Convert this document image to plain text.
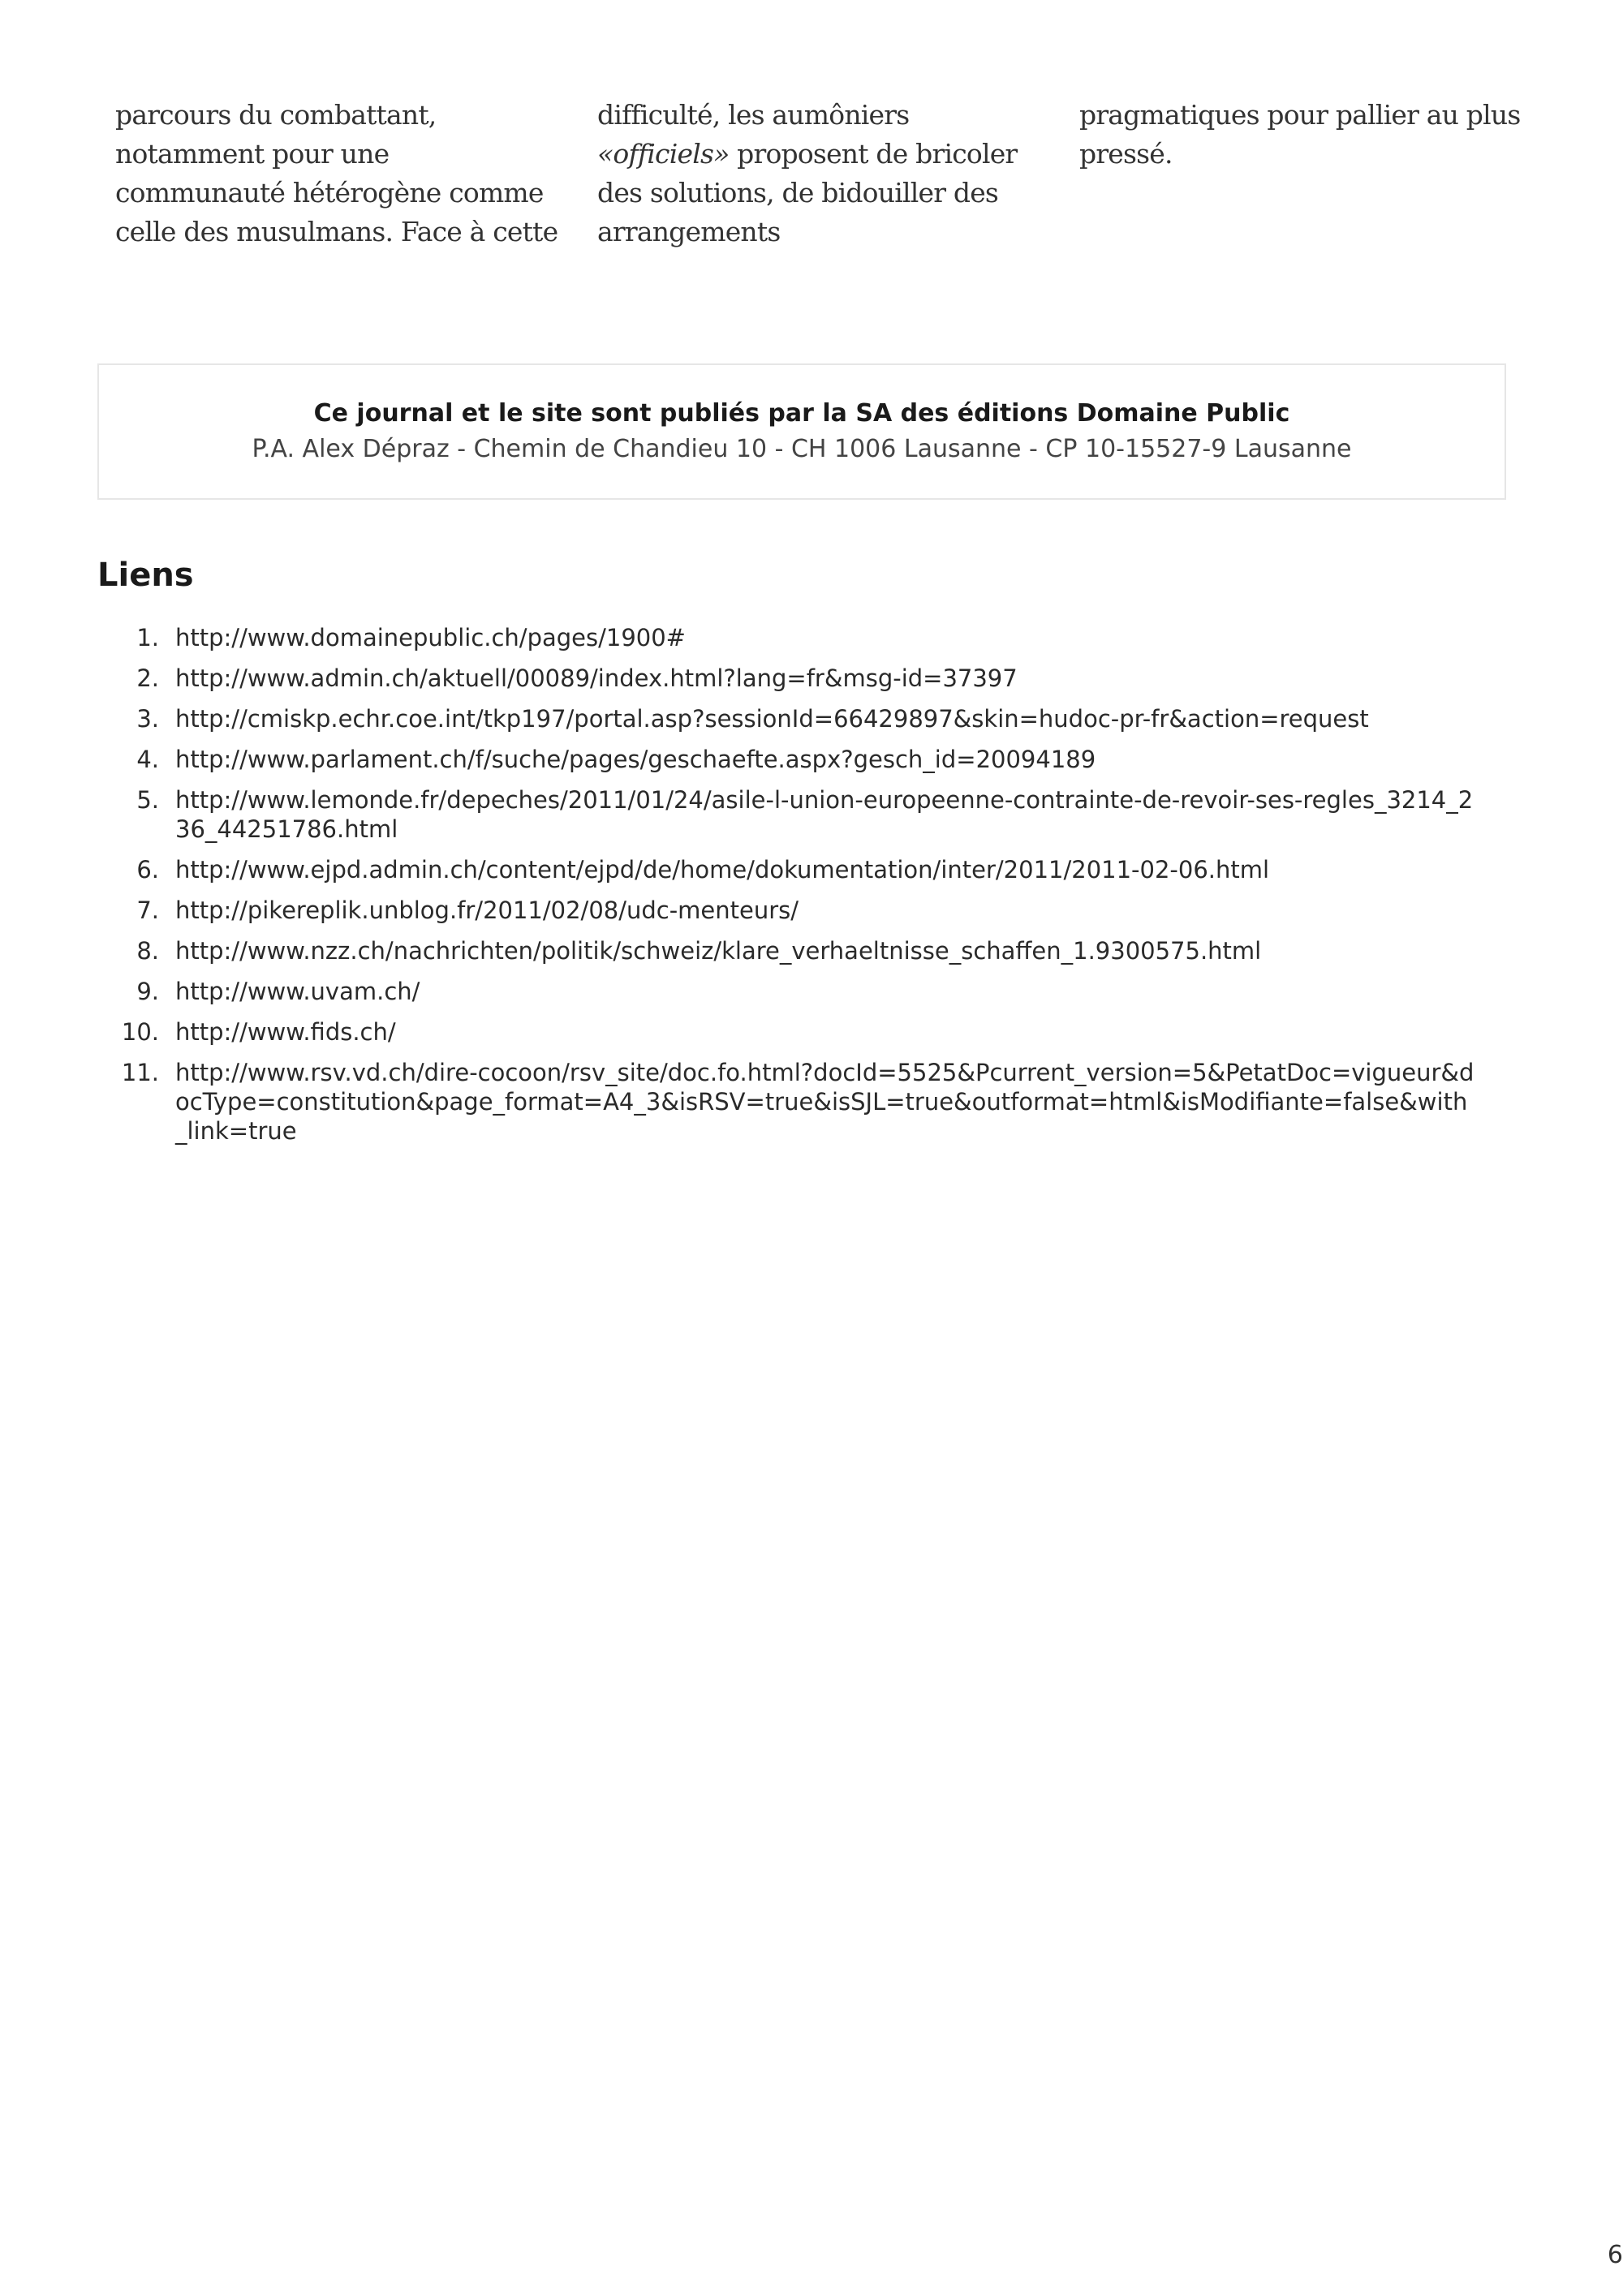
parcours du combattant, notamment pour une communauté hétérogène comme celle des musulmans. Face à cette
difficulté, les aumôniers «officiels» proposent de bricoler des solutions, de bidouiller des arrangements
pragmatiques pour pallier au plus pressé.
Ce journal et le site sont publiés par la SA des éditions Domaine Public
P.A. Alex Dépraz - Chemin de Chandieu 10 - CH 1006 Lausanne - CP 10-15527-9 Lausanne
Liens
1. http://www.domainepublic.ch/pages/1900#
2. http://www.admin.ch/aktuell/00089/index.html?lang=fr&msg-id=37397
3. http://cmiskp.echr.coe.int/tkp197/portal.asp?sessionId=66429897&skin=hudoc-pr-fr&action=request
4. http://www.parlament.ch/f/suche/pages/geschaefte.aspx?gesch_id=20094189
5. http://www.lemonde.fr/depeches/2011/01/24/asile-l-union-europeenne-contrainte-de-revoir-ses-regles_3214_236_44251786.html
6. http://www.ejpd.admin.ch/content/ejpd/de/home/dokumentation/inter/2011/2011-02-06.html
7. http://pikereplik.unblog.fr/2011/02/08/udc-menteurs/
8. http://www.nzz.ch/nachrichten/politik/schweiz/klare_verhaeltnisse_schaffen_1.9300575.html
9. http://www.uvam.ch/
10. http://www.fids.ch/
11. http://www.rsv.vd.ch/dire-cocoon/rsv_site/doc.fo.html?docId=5525&Pcurrent_version=5&PetatDoc=vigueur&docType=constitution&page_format=A4_3&isRSV=true&isSJL=true&outformat=html&isModifiante=false&with_link=true
6
